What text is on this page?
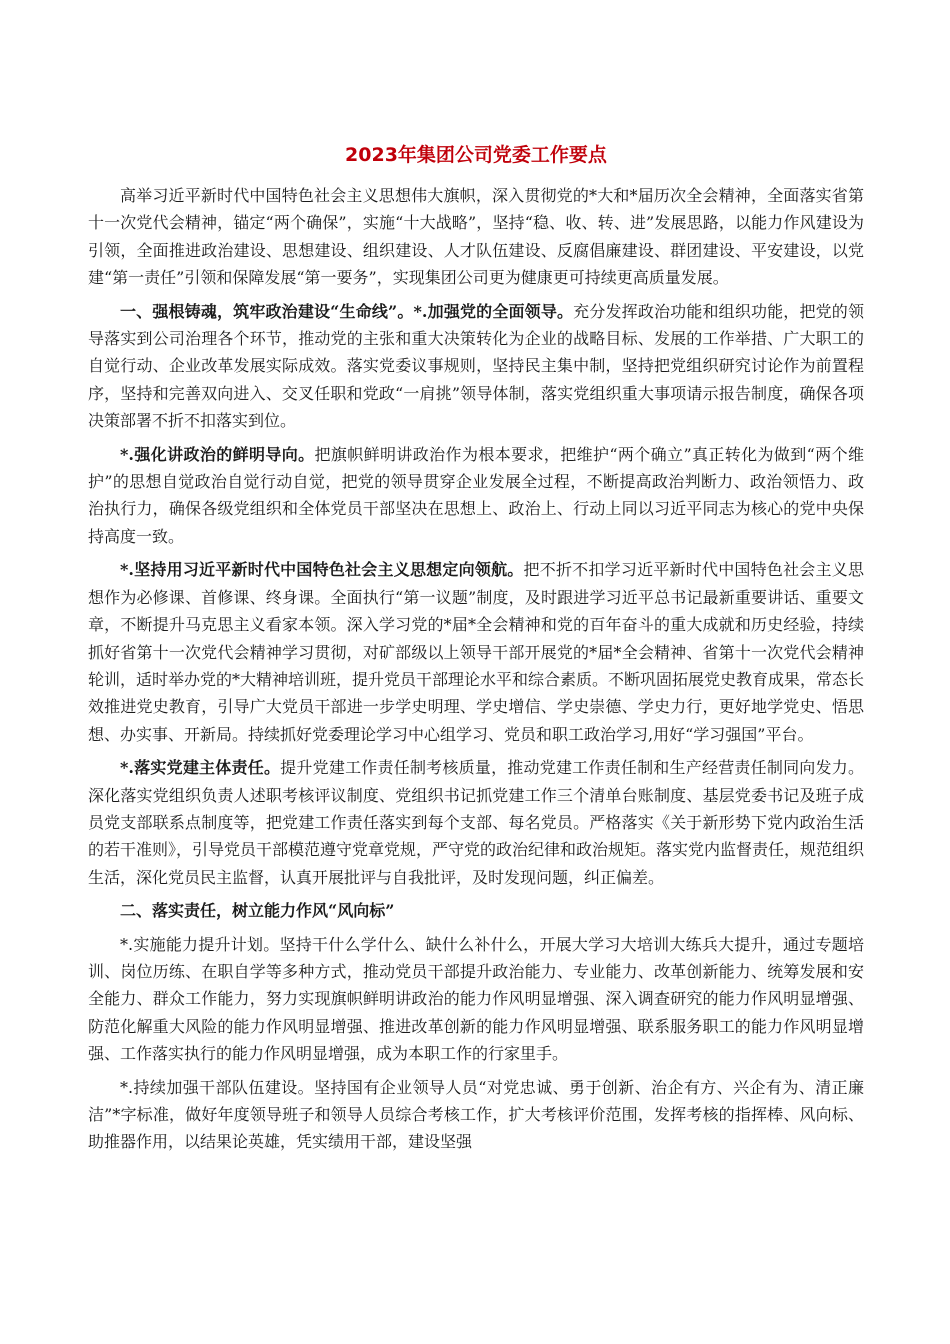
2023年集团公司党委工作要点

高举习近平新时代中国特色社会主义思想伟大旗帜，深入贯彻党的*大和*届历次全会精神，全面落实省第十一次党代会精神，锚定“两个确保”，实施“十大战略”，坚持“稳、收、转、进”发展思路，以能力作风建设为引领，全面推进政治建设、思想建设、组织建设、人才队伍建设、反腐倡廉建设、群团建设、平安建设，以党建“第一责任”引领和保障发展“第一要务”，实现集团公司更为健康更可持续更高质量发展。

一、强根铸魂，筑牢政治建设“生命线”。*.加强党的全面领导。充分发挥政治功能和组织功能，把党的领导落实到公司治理各个环节，推动党的主张和重大决策转化为企业的战略目标、发展的工作举措、广大职工的自觉行动、企业改革发展实际成效。落实党委议事规则，坚持民主集中制，坚持把党组织研究讨论作为前置程序，坚持和完善双向进入、交叉任职和党政“一肩挑”领导体制，落实党组织重大事项请示报告制度，确保各项决策部署不折不扣落实到位。

*.强化讲政治的鲜明导向。把旗帜鲜明讲政治作为根本要求，把维护“两个确立”真正转化为做到“两个维护”的思想自觉政治自觉行动自觉，把党的领导贯穿企业发展全过程，不断提高政治判断力、政治领悟力、政治执行力，确保各级党组织和全体党员干部坚决在思想上、政治上、行动上同以习近平同志为核心的党中央保持高度一致。

*.坚持用习近平新时代中国特色社会主义思想定向领航。把不折不扣学习近平新时代中国特色社会主义思想作为必修课、首修课、终身课。全面执行“第一议题”制度，及时跟进学习近平总书记最新重要讲话、重要文章，不断提升马克思主义看家本领。深入学习党的*届*全会精神和党的百年奋斗的重大成就和历史经验，持续抓好省第十一次党代会精神学习贯彻，对矿部级以上领导干部开展党的*届*全会精神、省第十一次党代会精神轮训，适时举办党的*大精神培训班，提升党员干部理论水平和综合素质。不断巩固拓展党史教育成果，常态长效推进党史教育，引导广大党员干部进一步学史明理、学史增信、学史崇德、学史力行，更好地学党史、悟思想、办实事、开新局。持续抓好党委理论学习中心组学习、党员和职工政治学习,用好“学习强国”平台。

*.落实党建主体责任。提升党建工作责任制考核质量，推动党建工作责任制和生产经营责任制同向发力。深化落实党组织负责人述职考核评议制度、党组织书记抓党建工作三个清单台账制度、基层党委书记及班子成员党支部联系点制度等，把党建工作责任落实到每个支部、每名党员。严格落实《关于新形势下党内政治生活的若干准则》，引导党员干部模范遵守党章党规，严守党的政治纪律和政治规矩。落实党内监督责任，规范组织生活，深化党员民主监督，认真开展批评与自我批评，及时发现问题，纠正偏差。

二、落实责任，树立能力作风“风向标”

*.实施能力提升计划。坚持干什么学什么、缺什么补什么，开展大学习大培训大练兵大提升，通过专题培训、岗位历练、在职自学等多种方式，推动党员干部提升政治能力、专业能力、改革创新能力、统筹发展和安全能力、群众工作能力，努力实现旗帜鲜明讲政治的能力作风明显增强、深入调查研究的能力作风明显增强、防范化解重大风险的能力作风明显增强、推进改革创新的能力作风明显增强、联系服务职工的能力作风明显增强、工作落实执行的能力作风明显增强，成为本职工作的行家里手。

*.持续加强干部队伍建设。坚持国有企业领导人员“对党忠诚、勇于创新、治企有方、兴企有为、清正廉洁”*字标准，做好年度领导班子和领导人员综合考核工作，扩大考核评价范围，发挥考核的指挥棒、风向标、助推器作用，以结果论英雄，凭实绩用干部，建设坚强
